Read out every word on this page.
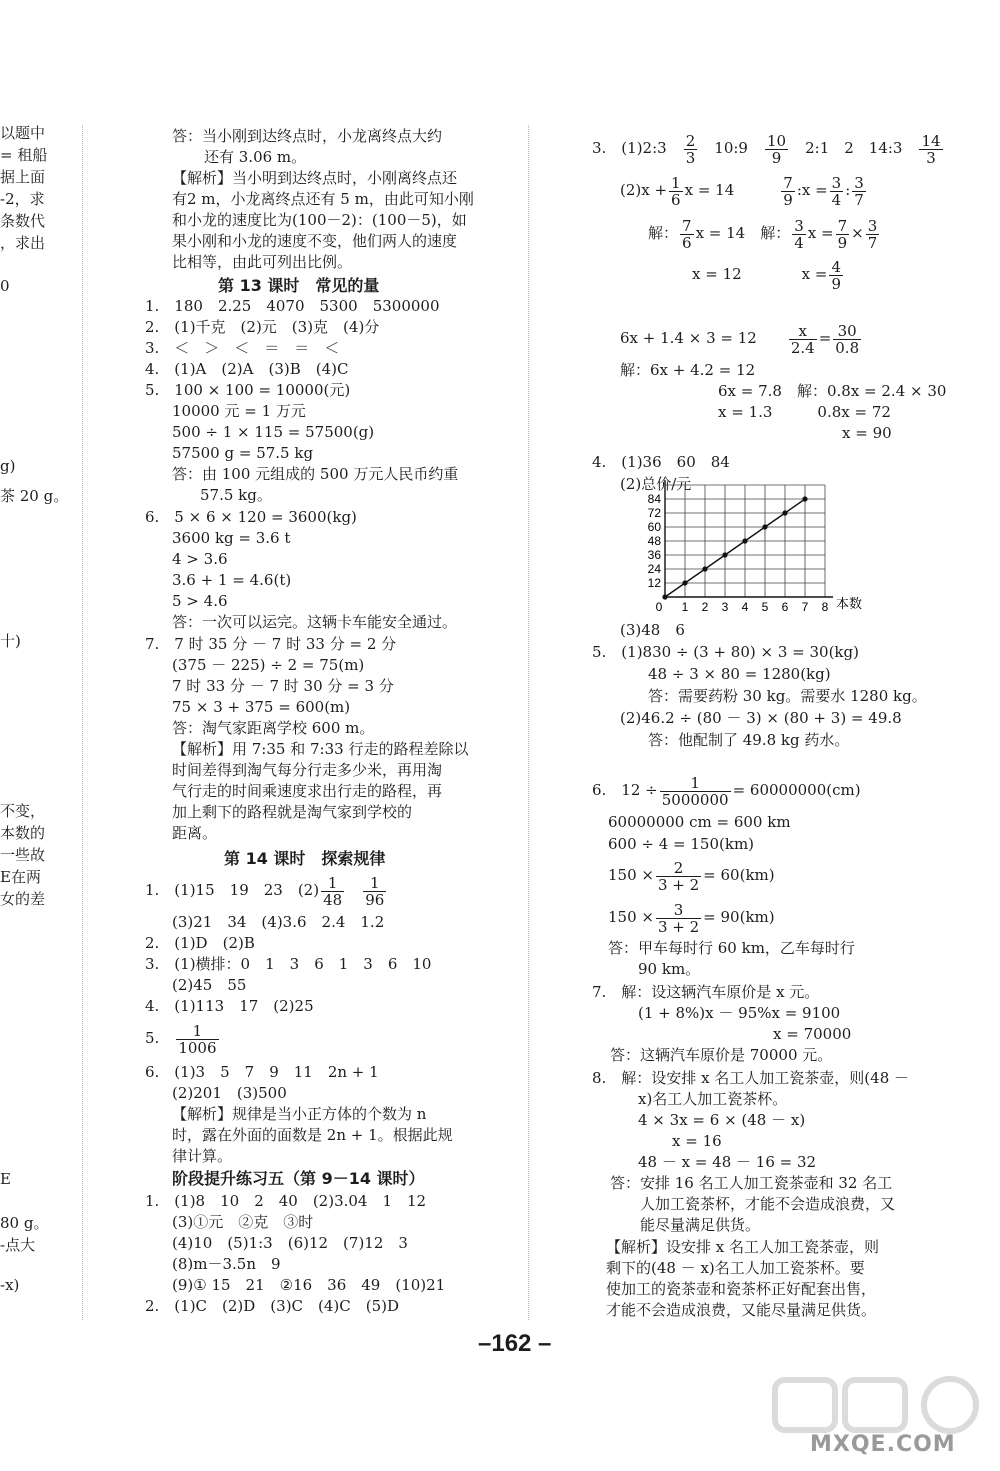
以题中
= 租船
据上面
-2，求
条数代
，求出
0
g)
茶 20 g。
十)
不变，
本数的
一些故
E在两
女的差
E
80 g。
-点大
-x)
答：当小刚到达终点时，小龙离终点大约
还有 3.06 m。
【解析】当小明到达终点时，小刚离终点还
有2 m，小龙离终点还有 5 m，由此可知小刚
和小龙的速度比为(100－2)：(100－5)，如
果小刚和小龙的速度不变，他们两人的速度
比相等，由此可列出比例。
第 13 课时　常见的量
1.　180　2.25　4070　5300　5300000
2.　(1)千克　(2)元　(3)克　(4)分
3.　＜　＞　＜　＝　＝　＜
4.　(1)A　(2)A　(3)B　(4)C
5.　100 × 100 = 10000(元)
10000 元 = 1 万元
500 ÷ 1 × 115 = 57500(g)
57500 g = 57.5 kg
答：由 100 元组成的 500 万元人民币约重
57.5 kg。
6.　5 × 6 × 120 = 3600(kg)
3600 kg = 3.6 t
4 > 3.6
3.6 + 1 = 4.6(t)
5 > 4.6
答：一次可以运完。这辆卡车能安全通过。
7.　7 时 35 分 － 7 时 33 分 = 2 分
(375 － 225) ÷ 2 = 75(m)
7 时 33 分 － 7 时 30 分 = 3 分
75 × 3 + 375 = 600(m)
答：淘气家距离学校 600 m。
【解析】用 7:35 和 7:33 行走的路程差除以
时间差得到淘气每分行走多少米，再用淘
气行走的时间乘速度求出行走的路程，再
加上剩下的路程就是淘气家到学校的
距离。
第 14 课时　探索规律
1.　(1)15　19　23　$(2) \frac{1}{48}$
　 $\frac{1}{96}$
(3)21　34　(4)3.6　2.4　1.2
2.　(1)D　(2)B
3.　(1)横排：0　1　3　6　1　3　6　10
(2)45　55
4.　(1)113　17　(2)25
5.　 $\frac{1}{1006}$
6.　(1)3　5　7　9　11　2n + 1
(2)201　(3)500
【解析】规律是当小正方体的个数为 n
时，露在外面的面数是 2n + 1。根据此规
律计算。
阶段提升练习五（第 9－14 课时）
1.　(1)8　10　2　40　(2)3.04　1　12
(3)①元　②克　③时
(4)10　(5)1:3　(6)12　(7)12　3
(8)m－3.5n　9
(9)① 15　21　②16　36　49　(10)21
2.　(1)C　(2)D　(3)C　(4)C　(5)D
3.　(1)2:3　 $\frac{2}{3}$
　 10:9　 $\frac{10}{9}$
　 2:1　2　14:3　 $\frac{14}{3}$
$(2)x + \frac{1}{6}$ x = 14　　　	$\frac{7}{9}$ :x = $\frac{3}{4}$ : $\frac{3}{7}$
解： $\frac{7}{6}$ x = 14　 解： $\frac{3}{4}$ $x = \frac{7}{9} \times \frac{3}{7}$
x = 12　　　　	$x = \frac{4}{9}$
6x + 1.4 × 3 = 12　　 $\frac{x}{2.4} = \frac{30}{0.8}$
解：6x + 4.2 = 12
6x = 7.8　解：0.8x = 2.4 × 30
x = 1.3　　　0.8x = 72
x = 90
4.　(1)36　60　84
(2)总价/元
12
24
36
48
60
72
84
0 1 2 3 4 5 6 7 8 本数
(3)48　6
5.　(1)830 ÷ (3 + 80) × 3 = 30(kg)
48 ÷ 3 × 80 = 1280(kg)
答：需要药粉 30 kg。需要水 1280 kg。
(2)46.2 ÷ (80 － 3) × (80 + 3) = 49.8
答：他配制了 49.8 kg 药水。
6.　$12 \div \frac{1}{5000000} = 60000000(cm)$
60000000 cm = 600 km
600 ÷ 4 = 150(km)
$150 \times \frac{2}{3 + 2} = 60(km)$
$150 \times \frac{3}{3 + 2} = 90(km)$
答：甲车每时行 60 km，乙车每时行
90 km。
7.　解：设这辆汽车原价是 x 元。
(1 + 8%)x － 95%x = 9100
x = 70000
答：这辆汽车原价是 70000 元。
8.　解：设安排 x 名工人加工瓷茶壶，则(48 －
x)名工人加工瓷茶杯。
4 × 3x = 6 × (48 － x)
x = 16
48 － x = 48 － 16 = 32
答：安排 16 名工人加工瓷茶壶和 32 名工
人加工瓷茶杯，才能不会造成浪费，又
能尽量满足供货。
【解析】设安排 x 名工人加工瓷茶壶，则
剩下的(48 － x)名工人加工瓷茶杯。要
使加工的瓷茶壶和瓷茶杯正好配套出售，
才能不会造成浪费，又能尽量满足供货。
–162 –
MXQE.COM
